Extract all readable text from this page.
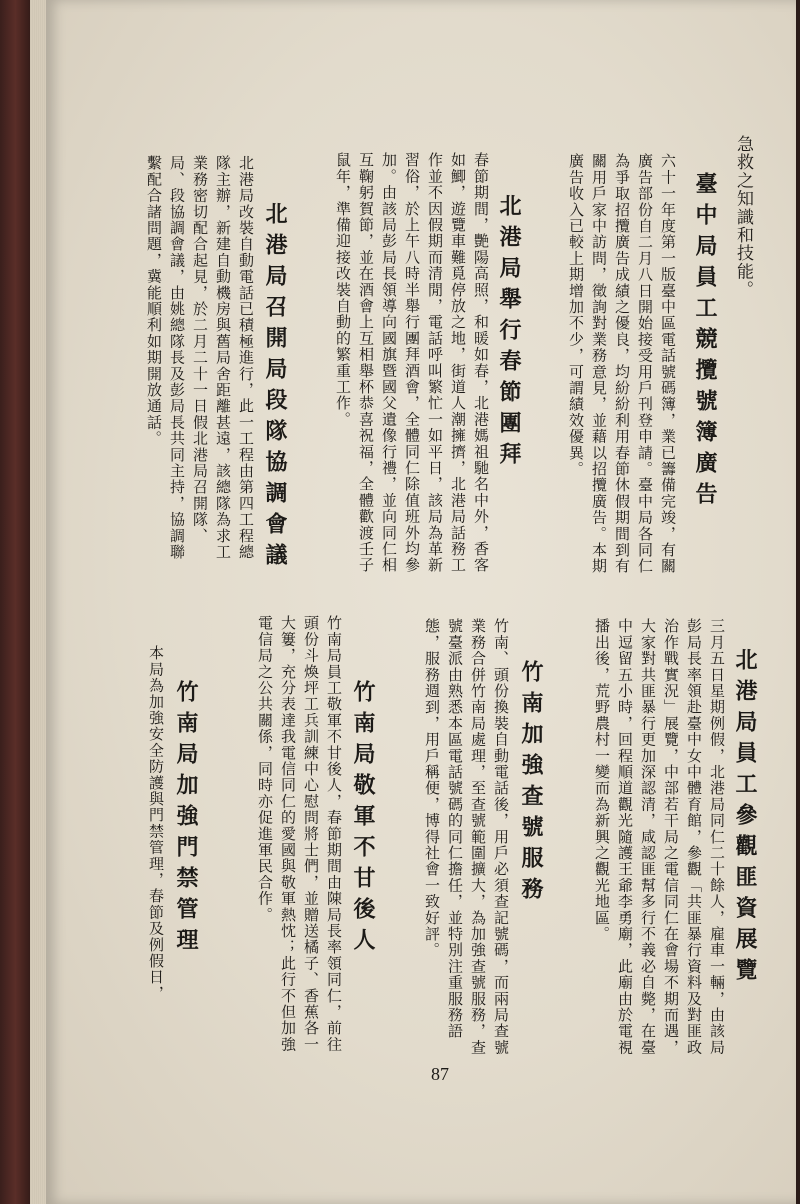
急救之知識和技能。
臺中局員工競攬號簿廣告
六十一年度第一版臺中區電話號碼簿，業已籌備完竣，有關廣告部份自二月八日開始接受用戶刊登申請。臺中局各同仁為爭取招攬廣告成績之優良，均紛紛利用春節休假期間到有關用戶家中訪問，徵詢對業務意見，並藉以招攬廣告。本期廣告收入已較上期增加不少，可謂績效優異。
北港局舉行春節團拜
春節期間，艷陽高照，和暖如春，北港媽祖馳名中外，香客如鯽，遊覽車難覓停放之地，街道人潮擁擠，北港局話務工作並不因假期而清閒，電話呼叫繁忙一如平日，該局為革新習俗，於上午八時半舉行團拜酒會，全體同仁除值班外均參加。由該局彭局長領導向國旗暨國父遺像行禮，並向同仁相互鞠躬賀節，並在酒會上互相舉杯恭喜祝福，全體歡渡壬子鼠年，準備迎接改裝自動的繁重工作。
北港局召開局段隊協調會議
北港局改裝自動電話已積極進行，此一工程由第四工程總隊主辦，新建自動機房與舊局舍距離甚遠，該總隊為求工業務密切配合起見，於二月二十一日假北港局召開隊、局、段協調會議，由姚總隊長及彭局長共同主持，協調聯繫配合諸問題，冀能順利如期開放通話。
北港局員工參觀匪資展覽
三月五日星期例假，北港局同仁二十餘人，雇車一輛，由該局彭局長率領赴臺中女中體育館，參觀「共匪暴行資料及對匪政治作戰實況」展覽，中部若干局之電信同仁在會場不期而遇，大家對共匪暴行更加深認清，咸認匪幫多行不義必自斃，在臺中逗留五小時，回程順道觀光隨護王爺李勇廟，此廟由於電視播出後，荒野農村一變而為新興之觀光地區。
竹南加強查號服務
竹南、頭份換裝自動電話後，用戶必須查記號碼，而兩局查號業務合併竹南局處理，至查號範圍擴大，為加強查號服務，查號臺派由熟悉本區電話號碼的同仁擔任，並特別注重服務語態，服務週到，用戶稱便，博得社會一致好評。
竹南局敬軍不甘後人
竹南局員工敬軍不甘後人，春節期間由陳局長率領同仁，前往頭份斗煥坪工兵訓練中心慰問將士們，並贈送橘子、香蕉各一大簍，充分表達我電信同仁的愛國與敬軍熱忱；此行不但加強電信局之公共關係，同時亦促進軍民合作。
竹南局加強門禁管理
本局為加強安全防護與門禁管理，春節及例假日，
87
